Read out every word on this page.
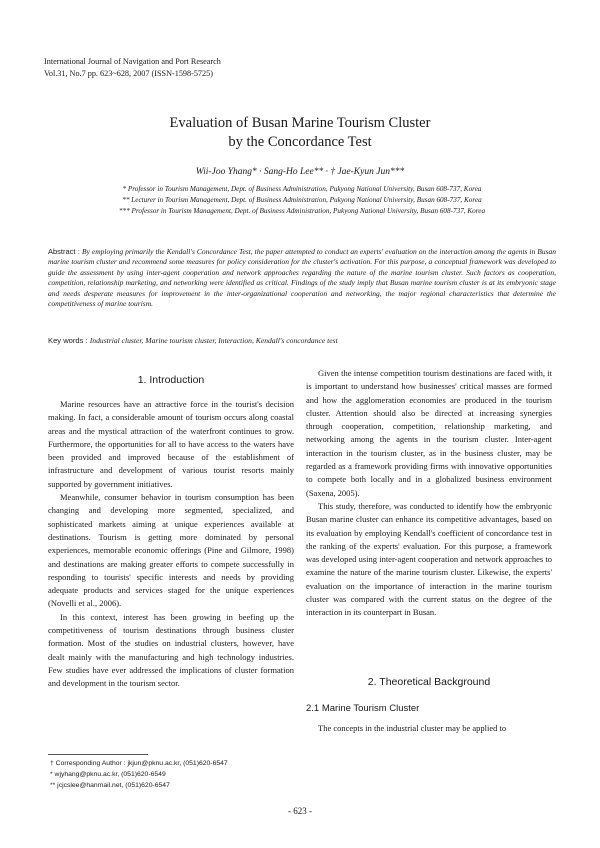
International Journal of Navigation and Port Research
Vol.31, No.7 pp. 623~628, 2007 (ISSN-1598-5725)
Evaluation of Busan Marine Tourism Cluster
by the Concordance Test
Wii-Joo Yhang* · Sang-Ho Lee** · † Jae-Kyun Jun***
* Professor in Tourism Management, Dept. of Business Administration, Pukyong National University, Busan 608-737, Korea
** Lecturer in Tourism Management, Dept. of Business Administration, Pukyong National University, Busan 608-737, Korea
*** Professor in Tourism Management, Dept. of Business Administration, Pukyong National University, Busan 608-737, Korea
Abstract : By employing primarily the Kendall's Concordance Test, the paper attempted to conduct an experts' evaluation on the interaction among the agents in Busan marine tourism cluster and recommend some measures for policy consideration for the cluster's activation. For this purpose, a conceptual framework was developed to guide the assessment by using inter-agent cooperation and network approaches regarding the nature of the marine tourism cluster. Such factors as cooperation, competition, relationship marketing, and networking were identified as critical. Findings of the study imply that Busan marine tourism cluster is at its embryonic stage and needs desperate measures for improvement in the inter-organizational cooperation and networking, the major regional characteristics that determine the competitiveness of marine tourism.
Key words : Industrial cluster, Marine tourism cluster, Interaction, Kendall's concordance test
1. Introduction

Marine resources have an attractive force in the tourist's decision making. In fact, a considerable amount of tourism occurs along coastal areas and the mystical attraction of the waterfront continues to grow. Furthermore, the opportunities for all to have access to the waters have been provided and improved because of the establishment of infrastructure and development of various tourist resorts mainly supported by government initiatives.

Meanwhile, consumer behavior in tourism consumption has been changing and developing more segmented, specialized, and sophisticated markets aiming at unique experiences available at destinations. Tourism is getting more dominated by personal experiences, memorable economic offerings (Pine and Gilmore, 1998) and destinations are making greater efforts to compete successfully in responding to tourists' specific interests and needs by providing adequate products and services staged for the unique experiences (Novelli et al., 2006).

In this context, interest has been growing in beefing up the competitiveness of tourism destinations through business cluster formation. Most of the studies on industrial clusters, however, have dealt mainly with the manufacturing and high technology industries. Few studies have ever addressed the implications of cluster formation and development in the tourism sector.

Given the intense competition tourism destinations are faced with, it is important to understand how businesses' critical masses are formed and how the agglomeration economies are produced in the tourism cluster. Attention should also be directed at increasing synergies through cooperation, competition, relationship marketing, and networking among the agents in the tourism cluster. Inter-agent interaction in the tourism cluster, as in the business cluster, may be regarded as a framework providing firms with innovative opportunities to compete both locally and in a globalized business environment (Saxena, 2005).

This study, therefore, was conducted to identify how the embryonic Busan marine cluster can enhance its competitive advantages, based on its evaluation by employing Kendall's coefficient of concordance test in the ranking of the experts' evaluation. For this purpose, a framework was developed using inter-agent cooperation and network approaches to examine the nature of the marine tourism cluster. Likewise, the experts' evaluation on the importance of interaction in the marine tourism cluster was compared with the current status on the degree of the interaction in its counterpart in Busan.

2. Theoretical Background
2.1 Marine Tourism Cluster

The concepts in the industrial cluster may be applied to

† Corresponding Author : jkjun@pknu.ac.kr, (051)620-6547
* wjyhang@pknu.ac.kr, (051)620-6549
** jcjcslee@hanmail.net, (051)620-6547
- 623 -
